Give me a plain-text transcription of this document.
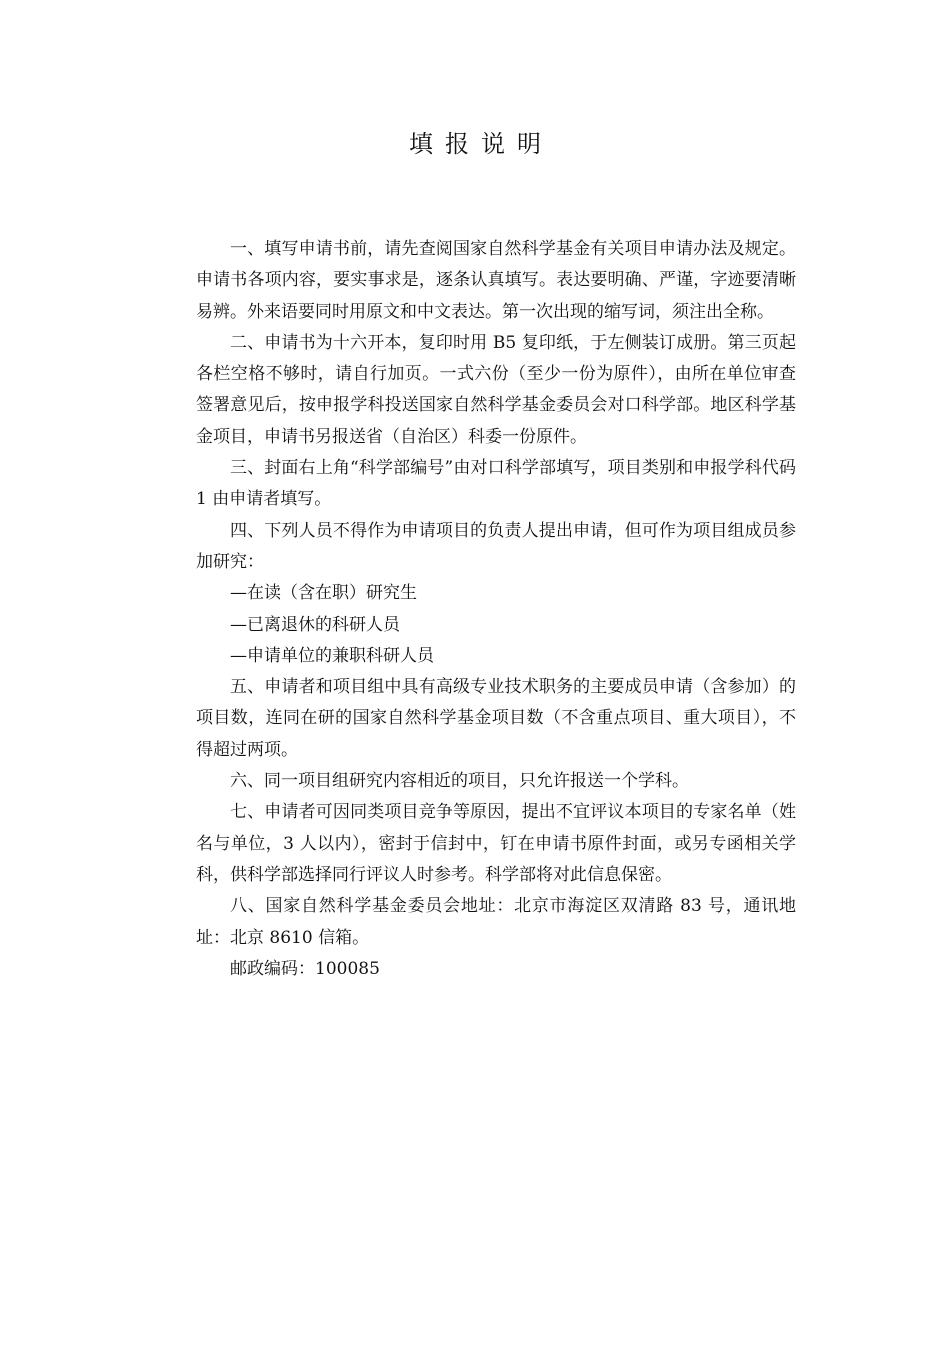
填报说明

一、填写申请书前，请先查阅国家自然科学基金有关项目申请办法及规定。申请书各项内容，要实事求是，逐条认真填写。表达要明确、严谨，字迹要清晰易辨。外来语要同时用原文和中文表达。第一次出现的缩写词，须注出全称。

二、申请书为十六开本，复印时用 B5 复印纸，于左侧装订成册。第三页起各栏空格不够时，请自行加页。一式六份（至少一份为原件），由所在单位审查签署意见后，按申报学科投送国家自然科学基金委员会对口科学部。地区科学基金项目，申请书另报送省（自治区）科委一份原件。

三、封面右上角“科学部编号”由对口科学部填写，项目类别和申报学科代码 1 由申请者填写。

四、下列人员不得作为申请项目的负责人提出申请，但可作为项目组成员参加研究：

—在读（含在职）研究生

—已离退休的科研人员

—申请单位的兼职科研人员

五、申请者和项目组中具有高级专业技术职务的主要成员申请（含参加）的项目数，连同在研的国家自然科学基金项目数（不含重点项目、重大项目），不得超过两项。

六、同一项目组研究内容相近的项目，只允许报送一个学科。

七、申请者可因同类项目竞争等原因，提出不宜评议本项目的专家名单（姓名与单位，3 人以内），密封于信封中，钉在申请书原件封面，或另专函相关学科，供科学部选择同行评议人时参考。科学部将对此信息保密。

八、国家自然科学基金委员会地址：北京市海淀区双清路 83 号，通讯地址：北京 8610 信箱。

邮政编码：100085
